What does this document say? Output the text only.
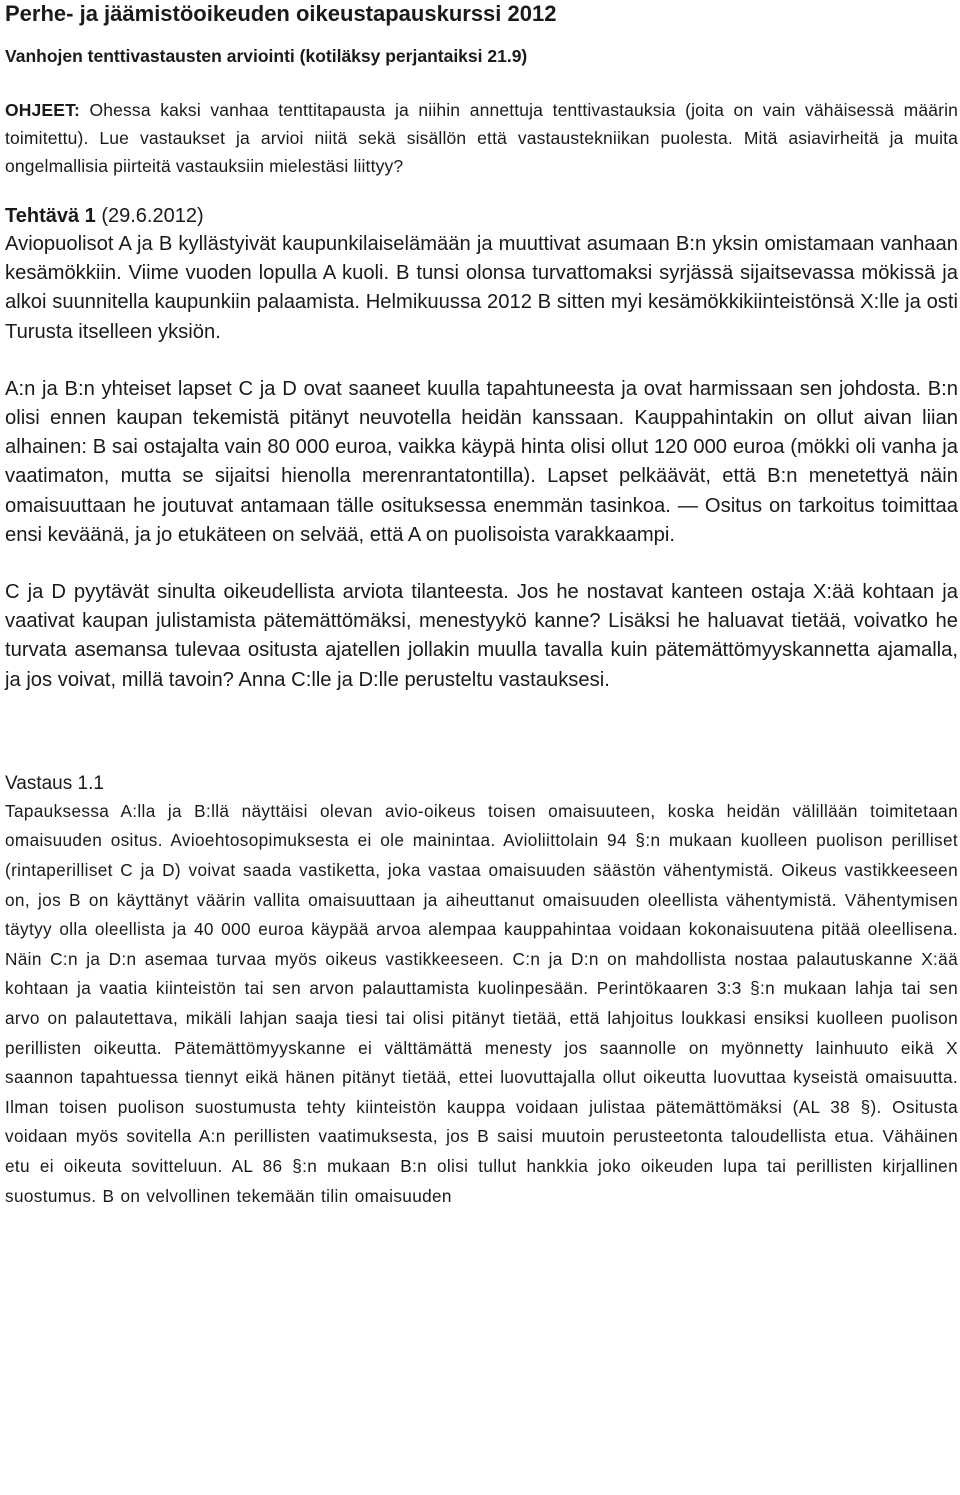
Perhe- ja jäämistöoikeuden oikeustapauskurssi 2012

Vanhojen tenttivastausten arviointi (kotiläksy perjantaiksi 21.9)

OHJEET: Ohessa kaksi vanhaa tenttitapausta ja niihin annettuja tenttivastauksia (joita on vain vähäisessä määrin toimitettu). Lue vastaukset ja arvioi niitä sekä sisällön että vastaustekniikan puolesta. Mitä asiavirheitä ja muita ongelmallisia piirteitä vastauksiin mielestäsi liittyy?

Tehtävä 1 (29.6.2012)

Aviopuolisot A ja B kyllästyivät kaupunkilaiselämään ja muuttivat asumaan B:n yksin omistamaan vanhaan kesämökkiin. Viime vuoden lopulla A kuoli. B tunsi olonsa turvattomaksi syrjässä sijaitsevassa mökissä ja alkoi suunnitella kaupunkiin palaamista. Helmikuussa 2012 B sitten myi kesämökkikiinteistönsä X:lle ja osti Turusta itselleen yksiön.

A:n ja B:n yhteiset lapset C ja D ovat saaneet kuulla tapahtuneesta ja ovat harmissaan sen johdosta. B:n olisi ennen kaupan tekemistä pitänyt neuvotella heidän kanssaan. Kauppahintakin on ollut aivan liian alhainen: B sai ostajalta vain 80 000 euroa, vaikka käypä hinta olisi ollut 120 000 euroa (mökki oli vanha ja vaatimaton, mutta se sijaitsi hienolla merenrantatontilla). Lapset pelkäävät, että B:n menetettyä näin omaisuuttaan he joutuvat antamaan tälle osituksessa enemmän tasinkoa. — Ositus on tarkoitus toimittaa ensi keväänä, ja jo etukäteen on selvää, että A on puolisoista varakkaampi.

C ja D pyytävät sinulta oikeudellista arviota tilanteesta. Jos he nostavat kanteen ostaja X:ää kohtaan ja vaativat kaupan julistamista pätemättömäksi, menestyykö kanne? Lisäksi he haluavat tietää, voivatko he turvata asemansa tulevaa ositusta ajatellen jollakin muulla tavalla kuin pätemättömyyskannetta ajamalla, ja jos voivat, millä tavoin? Anna C:lle ja D:lle perusteltu vastauksesi.

Vastaus 1.1

Tapauksessa A:lla ja B:llä näyttäisi olevan avio-oikeus toisen omaisuuteen, koska heidän välillään toimitetaan omaisuuden ositus. Avioehtosopimuksesta ei ole mainintaa. Avioliittolain 94 §:n mukaan kuolleen puolison perilliset (rintaperilliset C ja D) voivat saada vastiketta, joka vastaa omaisuuden säästön vähentymistä. Oikeus vastikkeeseen on, jos B on käyttänyt väärin vallita omaisuuttaan ja aiheuttanut omaisuuden oleellista vähentymistä. Vähentymisen täytyy olla oleellista ja 40 000 euroa käypää arvoa alempaa kauppahintaa voidaan kokonaisuutena pitää oleellisena. Näin C:n ja D:n asemaa turvaa myös oikeus vastikkeeseen. C:n ja D:n on mahdollista nostaa palautuskanne X:ää kohtaan ja vaatia kiinteistön tai sen arvon palauttamista kuolinpesään. Perintökaaren 3:3 §:n mukaan lahja tai sen arvo on palautettava, mikäli lahjan saaja tiesi tai olisi pitänyt tietää, että lahjoitus loukkasi ensiksi kuolleen puolison perillisten oikeutta. Pätemättömyyskanne ei välttämättä menesty jos saannolle on myönnetty lainhuuto eikä X saannon tapahtuessa tiennyt eikä hänen pitänyt tietää, ettei luovuttajalla ollut oikeutta luovuttaa kyseistä omaisuutta. Ilman toisen puolison suostumusta tehty kiinteistön kauppa voidaan julistaa pätemättömäksi (AL 38 §). Ositusta voidaan myös sovitella A:n perillisten vaatimuksesta, jos B saisi muutoin perusteetonta taloudellista etua. Vähäinen etu ei oikeuta sovitteluun. AL 86 §:n mukaan B:n olisi tullut hankkia joko oikeuden lupa tai perillisten kirjallinen suostumus. B on velvollinen tekemään tilin omaisuuden
